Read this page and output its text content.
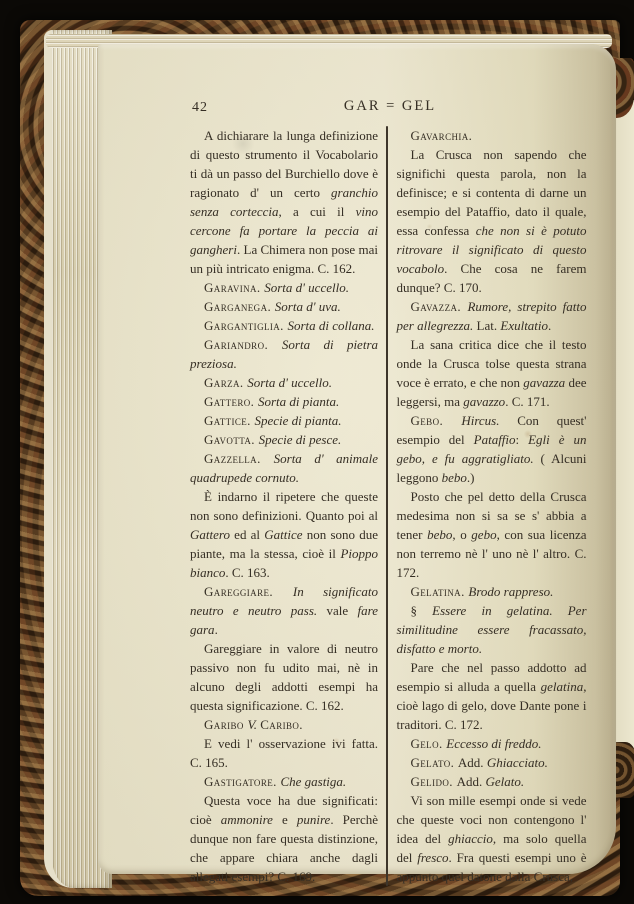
42	GAR = GEL

A dichiarare la lunga definizione di questo strumento il Vocabolario ti dà un passo del Burchiello dove è ragionato d' un certo granchio senza corteccia, a cui il vino cercone fa portare la peccia ai gangheri. La Chimera non pose mai un più intricato enigma. C. 162.

Garavina. Sorta d' uccello.

Garganega. Sorta d' uva.

Gargantiglia. Sorta di collana.

Gariandro. Sorta di pietra preziosa.

Garza. Sorta d' uccello.

Gattero. Sorta di pianta.

Gattice. Specie di pianta.

Gavotta. Specie di pesce.

Gazzella. Sorta d' animale quadrupede cornuto.

È indarno il ripetere che queste non sono definizioni. Quanto poi al Gattero ed al Gattice non sono due piante, ma la stessa, cioè il Pioppo bianco. C. 163.

Gareggiare. In significato neutro e neutro pass. vale fare gara.

Gareggiare in valore di neutro passivo non fu udito mai, nè in alcuno degli addotti esempi ha questa significazione. C. 162.

Garibo V. Caribo.

E vedi l' osservazione ivi fatta. C. 165.

Gastigatore. Che gastiga.

Questa voce ha due significati: cioè ammonire e punire. Perchè dunque non fare questa distinzione, che appare chiara anche dagli allegati esempi? C. 169.

Gavarchia.

La Crusca non sapendo che significhi questa parola, non la definisce; e si contenta di darne un esempio del Pataffio, dato il quale, essa confessa che non si è potuto ritrovare il significato di questo vocabolo. Che cosa ne farem dunque? C. 170.

Gavazza. Rumore, strepito fatto per allegrezza. Lat. Exultatio.

La sana critica dice che il testo onde la Crusca tolse questa strana voce è errato, e che non gavazza dee leggersi, ma gavazzo. C. 171.

Gebo. Hircus. Con quest' esempio del Pataffio: Egli è un gebo, e fu aggratigliato. ( Alcuni leggono bebo.)

Posto che pel detto della Crusca medesima non si sa se s' abbia a tener bebo, o gebo, con sua licenza non terremo nè l' uno nè l' altro. C. 172.

Gelatina. Brodo rappreso.

§ Essere in gelatina. Per similitudine essere fracassato, disfatto e morto.

Pare che nel passo addotto ad esempio si alluda a quella gelatina, cioè lago di gelo, dove Dante pone i traditori. C. 172.

Gelo. Eccesso di freddo.

Gelato. Add. Ghiacciato.

Gelido. Add. Gelato.

Vi son mille esempi onde si vede che queste voci non contengono l' idea del ghiaccio, ma solo quella del fresco. Fra questi esempi uno è appunto quel datone dalla Crusca,
